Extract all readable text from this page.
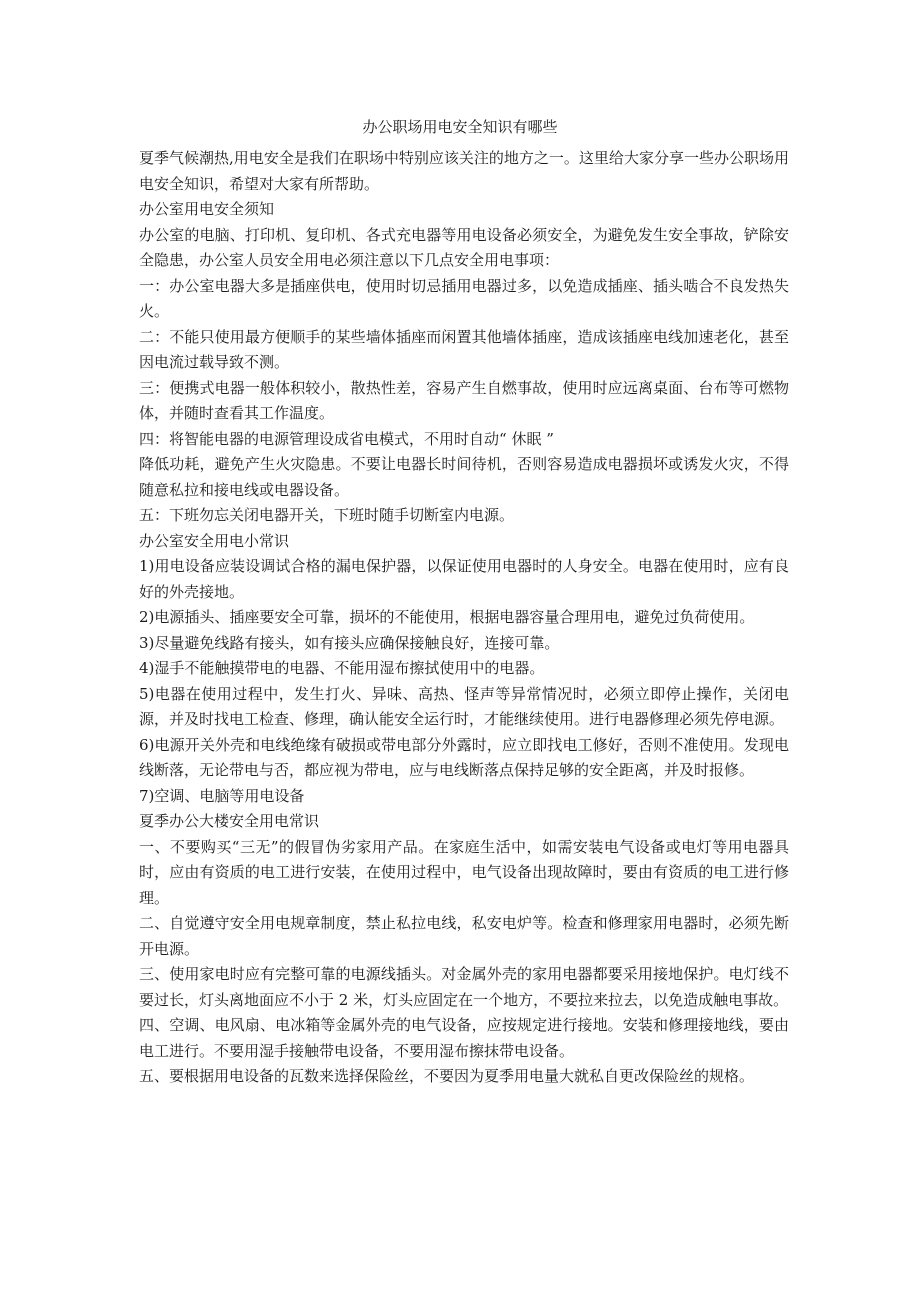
办公职场用电安全知识有哪些

夏季气候潮热,用电安全是我们在职场中特别应该关注的地方之一。这里给大家分享一些办公职场用电安全知识，希望对大家有所帮助。

办公室用电安全须知

办公室的电脑、打印机、复印机、各式充电器等用电设备必须安全，为避免发生安全事故，铲除安全隐患，办公室人员安全用电必须注意以下几点安全用电事项：

一：办公室电器大多是插座供电，使用时切忌插用电器过多，以免造成插座、插头啮合不良发热失火。

二：不能只使用最方便顺手的某些墙体插座而闲置其他墙体插座，造成该插座电线加速老化，甚至因电流过载导致不测。

三：便携式电器一般体积较小，散热性差，容易产生自燃事故，使用时应远离桌面、台布等可燃物体，并随时查看其工作温度。

四：将智能电器的电源管理设成省电模式，不用时自动“ 休眠 ”

降低功耗，避免产生火灾隐患。不要让电器长时间待机，否则容易造成电器损坏或诱发火灾，不得随意私拉和接电线或电器设备。

五：下班勿忘关闭电器开关，下班时随手切断室内电源。

办公室安全用电小常识

1)用电设备应装设调试合格的漏电保护器，以保证使用电器时的人身安全。电器在使用时，应有良好的外壳接地。

2)电源插头、插座要安全可靠，损坏的不能使用，根据电器容量合理用电，避免过负荷使用。

3)尽量避免线路有接头，如有接头应确保接触良好，连接可靠。

4)湿手不能触摸带电的电器、不能用湿布擦拭使用中的电器。

5)电器在使用过程中，发生打火、异味、高热、怪声等异常情况时，必须立即停止操作，关闭电源，并及时找电工检查、修理，确认能安全运行时，才能继续使用。进行电器修理必须先停电源。

6)电源开关外壳和电线绝缘有破损或带电部分外露时，应立即找电工修好，否则不准使用。发现电线断落，无论带电与否，都应视为带电，应与电线断落点保持足够的安全距离，并及时报修。

7)空调、电脑等用电设备

夏季办公大楼安全用电常识

一、不要购买“三无”的假冒伪劣家用产品。在家庭生活中，如需安装电气设备或电灯等用电器具时，应由有资质的电工进行安装，在使用过程中，电气设备出现故障时，要由有资质的电工进行修理。

二、自觉遵守安全用电规章制度，禁止私拉电线，私安电炉等。检查和修理家用电器时，必须先断开电源。

三、使用家电时应有完整可靠的电源线插头。对金属外壳的家用电器都要采用接地保护。电灯线不要过长，灯头离地面应不小于 2 米，灯头应固定在一个地方，不要拉来拉去，以免造成触电事故。

四、空调、电风扇、电冰箱等金属外壳的电气设备，应按规定进行接地。安装和修理接地线，要由电工进行。不要用湿手接触带电设备，不要用湿布擦抹带电设备。

五、要根据用电设备的瓦数来选择保险丝，不要因为夏季用电量大就私自更改保险丝的规格。
